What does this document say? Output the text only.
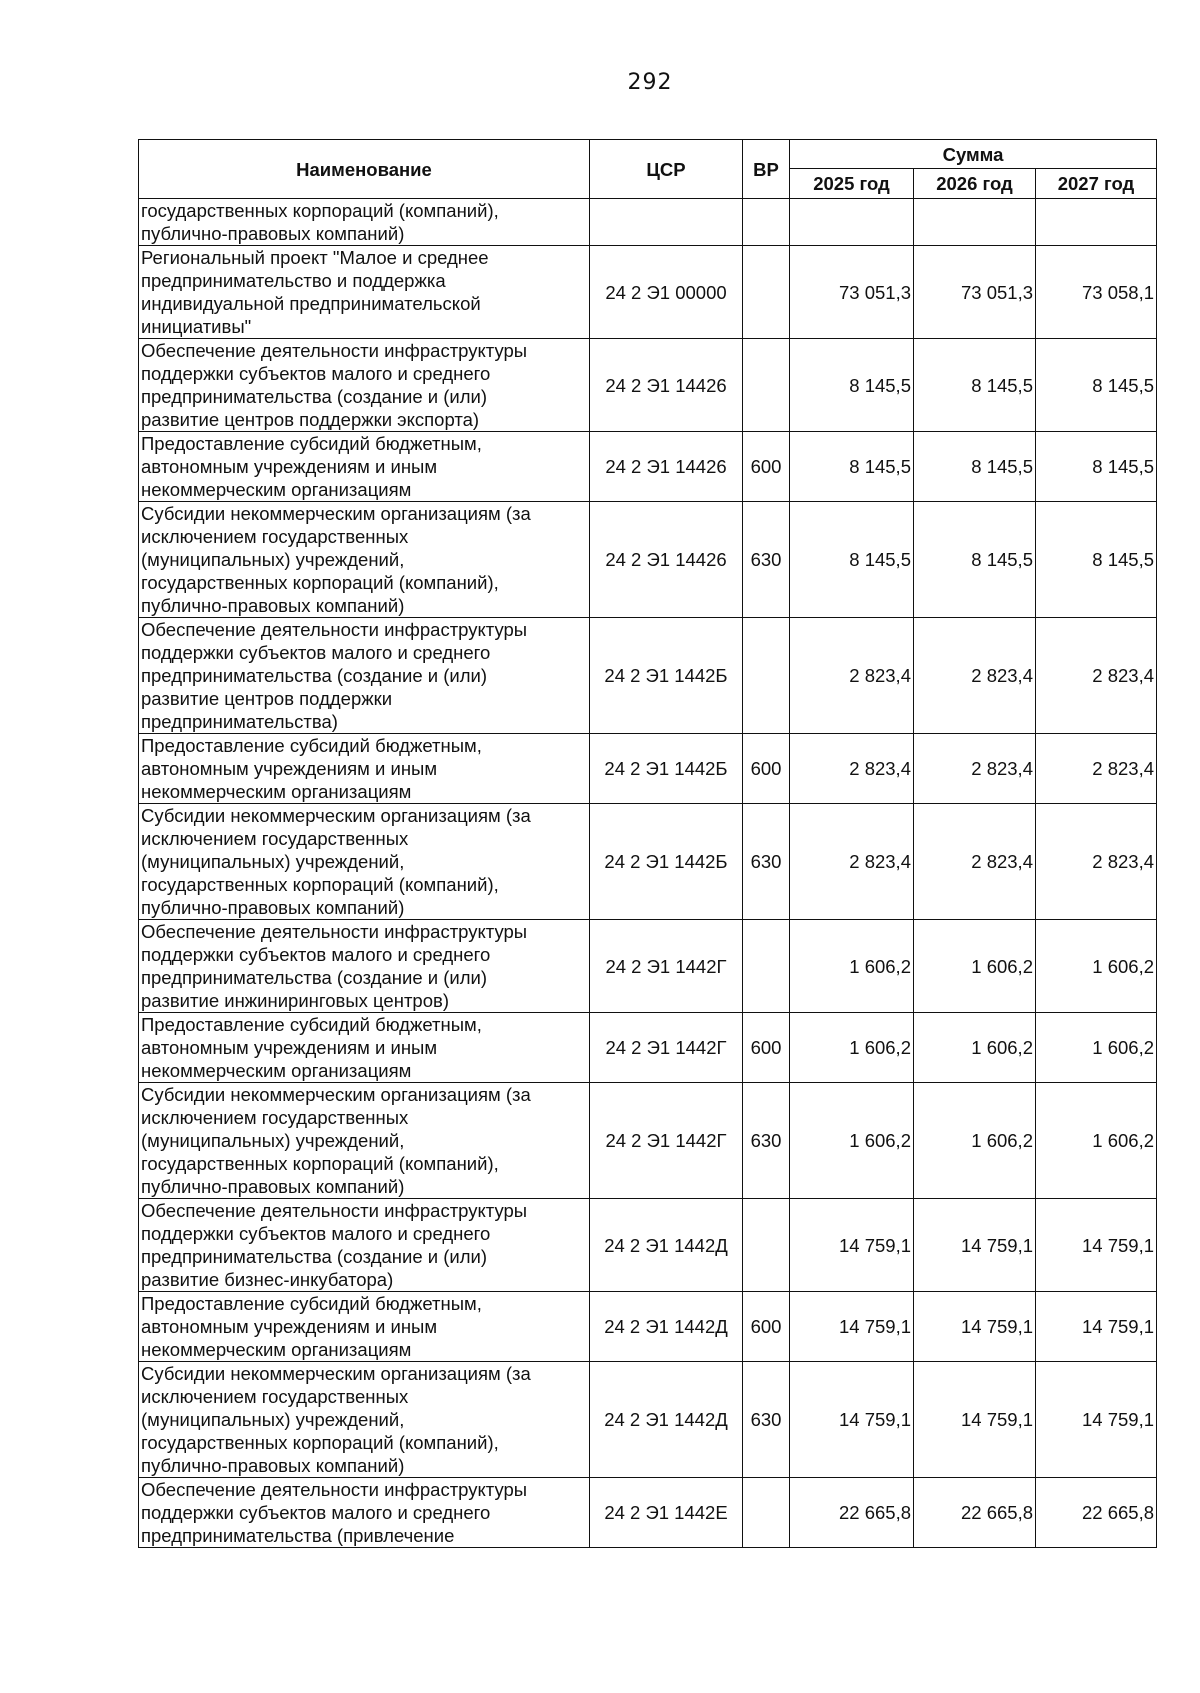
292
Наименование	ЦСР	ВР	Сумма		
			2025 год	2026 год	2027 год

государственных корпораций (компаний),
публично-правовых компаний)					

Региональный проект "Малое и среднее
предпринимательство и поддержка
индивидуальной предпринимательской
инициативы"	24 2 Э1 00000		73 051,3	73 051,3	73 058,1

Обеспечение деятельности инфраструктуры
поддержки субъектов малого и среднего
предпринимательства (создание и (или)
развитие центров поддержки экспорта)	24 2 Э1 14426		8 145,5	8 145,5	8 145,5

Предоставление субсидий бюджетным,
автономным учреждениям и иным
некоммерческим организациям	24 2 Э1 14426	600	8 145,5	8 145,5	8 145,5

Субсидии некоммерческим организациям (за
исключением государственных
(муниципальных) учреждений,
государственных корпораций (компаний),
публично-правовых компаний)	24 2 Э1 14426	630	8 145,5	8 145,5	8 145,5

Обеспечение деятельности инфраструктуры
поддержки субъектов малого и среднего
предпринимательства (создание и (или)
развитие центров поддержки
предпринимательства)	24 2 Э1 1442Б		2 823,4	2 823,4	2 823,4

Предоставление субсидий бюджетным,
автономным учреждениям и иным
некоммерческим организациям	24 2 Э1 1442Б	600	2 823,4	2 823,4	2 823,4

Субсидии некоммерческим организациям (за
исключением государственных
(муниципальных) учреждений,
государственных корпораций (компаний),
публично-правовых компаний)	24 2 Э1 1442Б	630	2 823,4	2 823,4	2 823,4

Обеспечение деятельности инфраструктуры
поддержки субъектов малого и среднего
предпринимательства (создание и (или)
развитие инжиниринговых центров)	24 2 Э1 1442Г		1 606,2	1 606,2	1 606,2

Предоставление субсидий бюджетным,
автономным учреждениям и иным
некоммерческим организациям	24 2 Э1 1442Г	600	1 606,2	1 606,2	1 606,2

Субсидии некоммерческим организациям (за
исключением государственных
(муниципальных) учреждений,
государственных корпораций (компаний),
публично-правовых компаний)	24 2 Э1 1442Г	630	1 606,2	1 606,2	1 606,2

Обеспечение деятельности инфраструктуры
поддержки субъектов малого и среднего
предпринимательства (создание и (или)
развитие бизнес-инкубатора)	24 2 Э1 1442Д		14 759,1	14 759,1	14 759,1

Предоставление субсидий бюджетным,
автономным учреждениям и иным
некоммерческим организациям	24 2 Э1 1442Д	600	14 759,1	14 759,1	14 759,1

Субсидии некоммерческим организациям (за
исключением государственных
(муниципальных) учреждений,
государственных корпораций (компаний),
публично-правовых компаний)	24 2 Э1 1442Д	630	14 759,1	14 759,1	14 759,1

Обеспечение деятельности инфраструктуры
поддержки субъектов малого и среднего
предпринимательства (привлечение	24 2 Э1 1442Е		22 665,8	22 665,8	22 665,8
